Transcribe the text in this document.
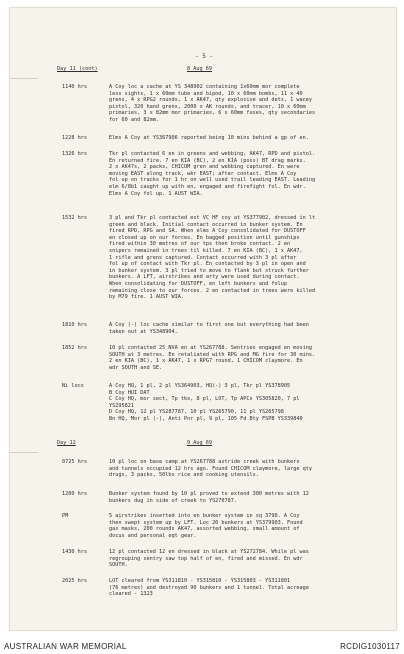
- 5 -
Day 11 (cont)	8 Aug 69
1140 hrs	A Coy loc a cache at YS 348902 containing 1x60mm mor complete
less sights, 1 x 60mm tube and bipod, 10 x 60mm bombs, 11 x 40
grens, 4 x RPG2 rounds, 1 x AK47, qty explosive and dets, 1 wacey
pistol, 320 hand grens, 2000 x AK rounds, and tracer, 10 x 60mm
primaries, 3 x 82mm mor primaries, 6 x 60mm fuses, qty secondaries
for 60 and 82mm.
1228 hrs	Elms A Coy at YS367906 reported being 10 mins behind a gp of en.
1326 hrs	Tkr pl contacted 6 en in greens and webbing, AK47, RPD and pistol.
En returned fire. 7 en KIA (BC), 2 en KIA (poss) BT drag marks.
2 x AK47s, 2 packs, CHICOM gren and webbing captured. En were
moving EAST along track, wkr EAST; after contact. Elms A Coy
fol up on tracks for 1 hr on well used trail leading EAST. Leading
elm 6/8b1 caught up with en, engaged and firefight fol. En wdr.
Elms A Coy fol up. 1 AUST WIA.
1532 hrs	3 pl and Tkr pl contacted est VC HF coy at YS377902, dressed in lt
green and black. Initial contact occurred in bunker system. En
fired RPD, RPG and SA. When elms A Coy consolidated for DUSTOFF
en closed up on our forces. En bagged position until gunships
fired within 30 metres of our tps then broke contact. 2 en
snipers remained in trees til killed. 7 en KIA (BC), 1 x AK47,
1 rifle and grens captured. Contact occurred with 3 pl after
fol up of contact with Tkr pl. En contacted by 3 pl in open and
in bunker system. 3 pl tried to move to flank but struck further
bunkers. A LFT, airstrikes and arty were used during contact.
When consolidating for DUSTOFF, en left bunkers and folup
remaining close to our forces. 2 en contacted in trees were killed
by M79 fire. 1 AUST WIA.
1810 hrs	A Coy (-) loc cache similar to first one but everything had been
taken out at YS348904.
1852 hrs	10 pl contacted 25 NVA en at YS267788. Sentries engaged en moving
SOUTH at 3 metres. En retaliated with RPG and MG fire for 30 mins.
2 en KIA (BC), 1 x AK47, 1 x RPG7 round, 1 CHICOM claymore. En
wdr SOUTH and SE.
Ni locs	A Coy HQ, 1 pl, 2 pl YS364903, HQ(-) 3 pl, Tkr pl YS378905
B Coy HUI DAT
C Coy HQ, mor sect, Tp tks, 8 pl, LOT, Tp APCs YS305820, 7 pl
YS295821
D Coy HQ, 12 pl YS287787, 10 pl YS265790, 11 pl YS265798
Bn HQ, Mor pl (-), Anti Pnr pl, 9 pl, 105 Fd Bty FSPB YS339840
Day 12	9 Aug 69
0725 hrs	10 pl loc on base camp at YS267788 astride creek with bunkers
and tunnels occupied 12 hrs ago. Found CHICOM claymore, large qty
drugs, 3 packs, 50lbs rice and cooking utensils.
1200 hrs	Bunker system found by 10 pl proved to extend 300 metres with 12
bunkers dug in side of creek to YS270787.
PM	5 airstrikes inserted into en bunker system in sq 3790. A Coy
then swept system up by LFT. Loc 20 bunkers at YS379903. Found
gas masks, 200 rounds AK47, assorted webbing, small amount of
docus and personal eqt gear.
1430 hrs	12 pl contacted 12 en dressed in black at YS272784. While pl was
regrouping sentry saw top half of en, fired and missed. En wdr
SOUTH.
2025 hrs	LOT cleared from YS311810 - YS315810 - YS315803 - YS311801
(76 metres) and destroyed 90 bunkers and 1 tunnel. Total acreage
cleared - 1323
AUSTRALIAN WAR MEMORIAL	RCDIG1030117
